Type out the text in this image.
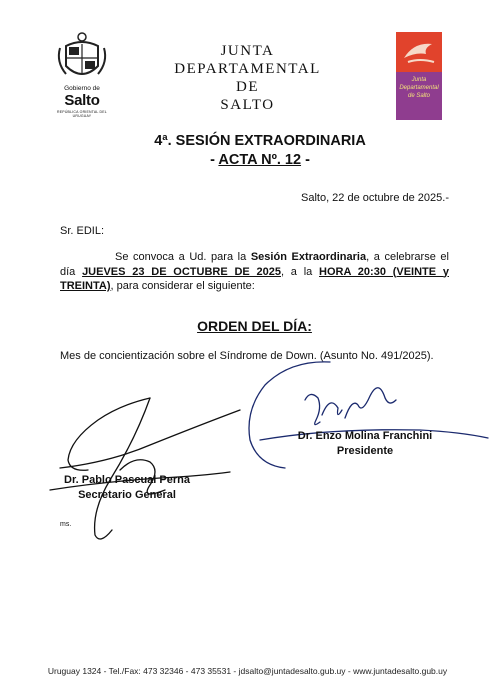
Gobierno de
Salto
REPÚBLICA ORIENTAL DEL URUGUAY
JUNTA
DEPARTAMENTAL
DE
SALTO
Junta
Departamental
de Salto
4ª. SESIÓN EXTRAORDINARIA
- ACTA Nº. 12 -
Salto, 22 de octubre de 2025.-
Sr. EDIL:
Se convoca a Ud. para la Sesión Extraordinaria, a celebrarse el día JUEVES 23 DE OCTUBRE DE 2025, a la HORA 20:30 (VEINTE y TREINTA), para considerar el siguiente:
ORDEN DEL DÍA:
Mes de concientización sobre el Síndrome de Down. (Asunto No. 491/2025).
Dr. Enzo Molina Franchini
Presidente
Dr. Pablo Pascual Perna
Secretario General
ms.
Uruguay 1324 - Tel./Fax: 473 32346 - 473 35531 - jdsalto@juntadesalto.gub.uy - www.juntadesalto.gub.uy
